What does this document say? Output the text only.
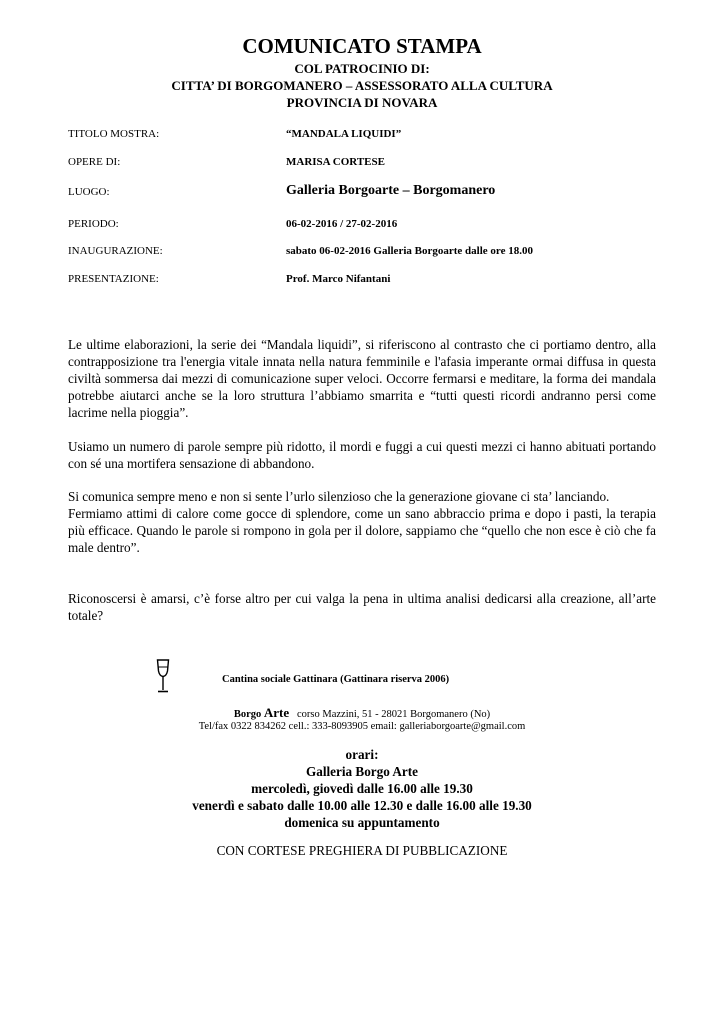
COMUNICATO STAMPA
COL PATROCINIO DI:
CITTA’ DI BORGOMANERO – ASSESSORATO ALLA CULTURA
PROVINCIA DI NOVARA
TITOLO MOSTRA:	“MANDALA LIQUIDI”
OPERE DI:	MARISA CORTESE
LUOGO:	Galleria Borgoarte – Borgomanero
PERIODO:	06-02-2016 / 27-02-2016
INAUGURAZIONE:	sabato 06-02-2016 Galleria Borgoarte dalle ore 18.00
PRESENTAZIONE:	Prof. Marco Nifantani

Le ultime elaborazioni, la serie dei “Mandala liquidi”, si riferiscono al contrasto che ci portiamo dentro, alla contrapposizione tra l'energia vitale innata nella natura femminile e l'afasia imperante ormai diffusa in questa civiltà sommersa dai mezzi di comunicazione super veloci. Occorre fermarsi e meditare, la forma dei mandala potrebbe aiutarci anche se la loro struttura l’abbiamo smarrita e “tutti questi ricordi andranno persi come lacrime nella pioggia”.

Usiamo un numero di parole sempre più ridotto, il mordi e fuggi a cui questi mezzi ci hanno abituati portando con sé una mortifera sensazione di abbandono.

Si comunica sempre meno e non si sente l’urlo silenzioso che la generazione giovane ci sta’ lanciando.

Fermiamo attimi di calore come gocce di splendore, come un sano abbraccio prima e dopo i pasti, la terapia più efficace. Quando le parole si rompono in gola per il dolore, sappiamo che “quello che non esce è ciò che fa male dentro”.

Riconoscersi è amarsi, c’è forse altro per cui valga la pena in ultima analisi dedicarsi alla creazione, all’arte totale?

Cantina sociale Gattinara (Gattinara riserva 2006)
Borgo Arte corso Mazzini, 51 - 28021 Borgomanero (No)
Tel/fax 0322 834262 cell.: 333-8093905 email: galleriaborgoarte@gmail.com
orari:
Galleria Borgo Arte
mercoledì, giovedì dalle 16.00 alle 19.30
venerdì e sabato dalle 10.00 alle 12.30 e dalle 16.00 alle 19.30
domenica su appuntamento
CON CORTESE PREGHIERA DI PUBBLICAZIONE
